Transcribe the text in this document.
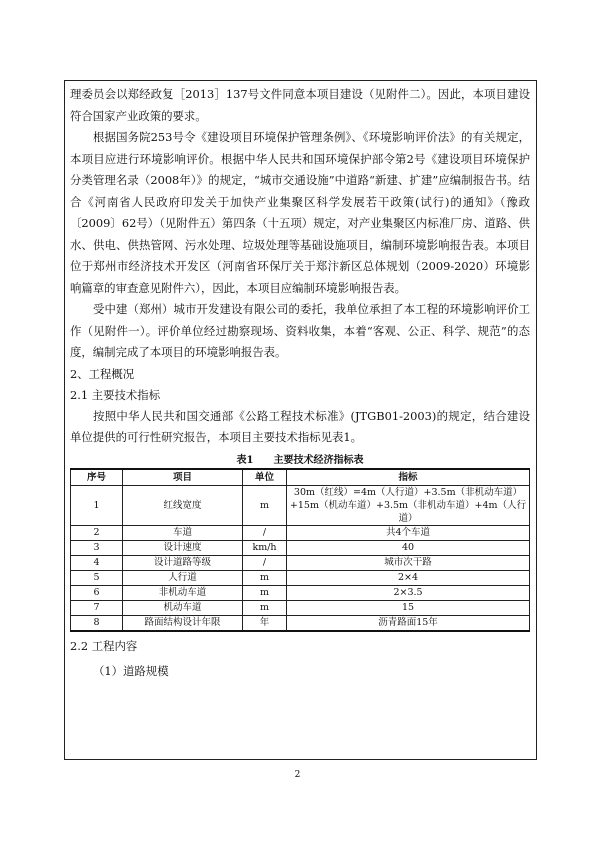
理委员会以郑经政复［2013］137号文件同意本项目建设（见附件二）。因此，本项目建设符合国家产业政策的要求。

根据国务院253号令《建设项目环境保护管理条例》、《环境影响评价法》的有关规定，本项目应进行环境影响评价。根据中华人民共和国环境保护部令第2号《建设项目环境保护分类管理名录（2008年）》的规定，“城市交通设施”中道路“新建、扩建”应编制报告书。结合《河南省人民政府印发关于加快产业集聚区科学发展若干政策(试行)的通知》（豫政〔2009〕62号）（见附件五）第四条（十五项）规定，对产业集聚区内标准厂房、道路、供水、供电、供热管网、污水处理、垃圾处理等基础设施项目，编制环境影响报告表。本项目位于郑州市经济技术开发区（河南省环保厅关于郑汴新区总体规划（2009-2020）环境影响篇章的审查意见附件六），因此，本项目应编制环境影响报告表。

受中建（郑州）城市开发建设有限公司的委托，我单位承担了本工程的环境影响评价工作（见附件一）。评价单位经过勘察现场、资料收集，本着“客观、公正、科学、规范”的态度，编制完成了本项目的环境影响报告表。

2、工程概况

2.1 主要技术指标

按照中华人民共和国交通部《公路工程技术标准》(JTGB01-2003)的规定，结合建设单位提供的可行性研究报告，本项目主要技术指标见表1。

表1　　主要技术经济指标表
序号	项目	单位	指标
1	红线宽度	m	30m（红线）=4m（人行道）+3.5m（非机动车道）+15m（机动车道）+3.5m（非机动车道）+4m（人行道）
2	车道	/	共4个车道
3	设计速度	km/h	40
4	设计道路等级	/	城市次干路
5	人行道	m	2×4
6	非机动车道	m	2×3.5
7	机动车道	m	15
8	路面结构设计年限	年	沥青路面15年

2.2 工程内容

（1）道路规模

2
